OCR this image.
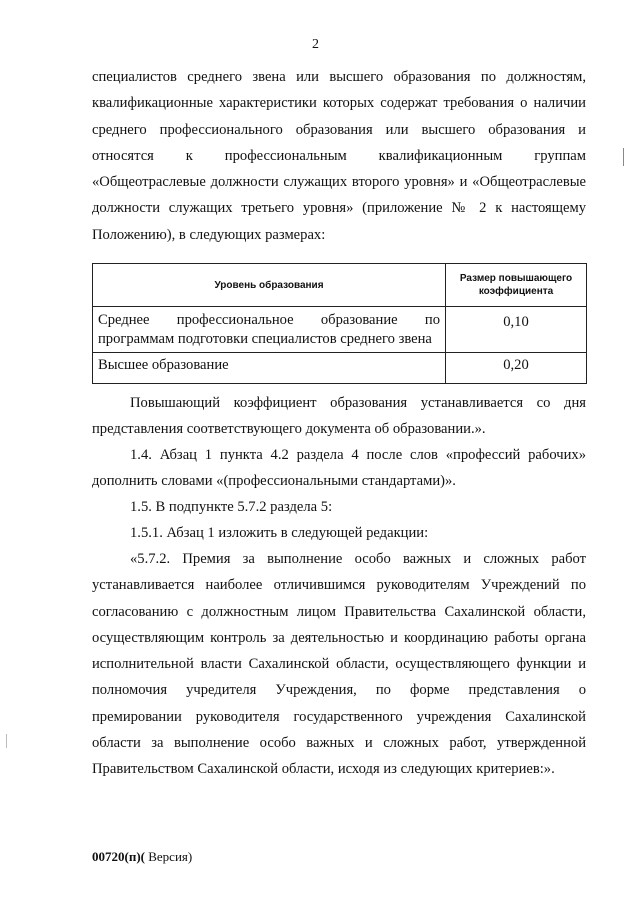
2
специалистов среднего звена или высшего образования по должностям, квалификационные характеристики которых содержат требования о наличии среднего профессионального образования или высшего образования и относятся к профессиональным квалификационным группам «Общеотраслевые должности служащих второго уровня» и «Общеотраслевые должности служащих третьего уровня» (приложение № 2 к настоящему Положению), в следующих размерах:
Уровень образования	Размер повышающего коэффициента
Среднее профессиональное образование по программам подготовки специалистов среднего звена	0,10
Высшее образование	0,20
Повышающий коэффициент образования устанавливается со дня представления соответствующего документа об образовании.».
1.4. Абзац 1 пункта 4.2 раздела 4 после слов «профессий рабочих» дополнить словами «(профессиональными стандартами)».
1.5. В подпункте 5.7.2 раздела 5:
1.5.1. Абзац 1 изложить в следующей редакции:
«5.7.2. Премия за выполнение особо важных и сложных работ устанавливается наиболее отличившимся руководителям Учреждений по согласованию с должностным лицом Правительства Сахалинской области, осуществляющим контроль за деятельностью и координацию работы органа исполнительной власти Сахалинской области, осуществляющего функции и полномочия учредителя Учреждения, по форме представления о премировании руководителя государственного учреждения Сахалинской области за выполнение особо важных и сложных работ, утвержденной Правительством Сахалинской области, исходя из следующих критериев:».
00720(п)( Версия)
